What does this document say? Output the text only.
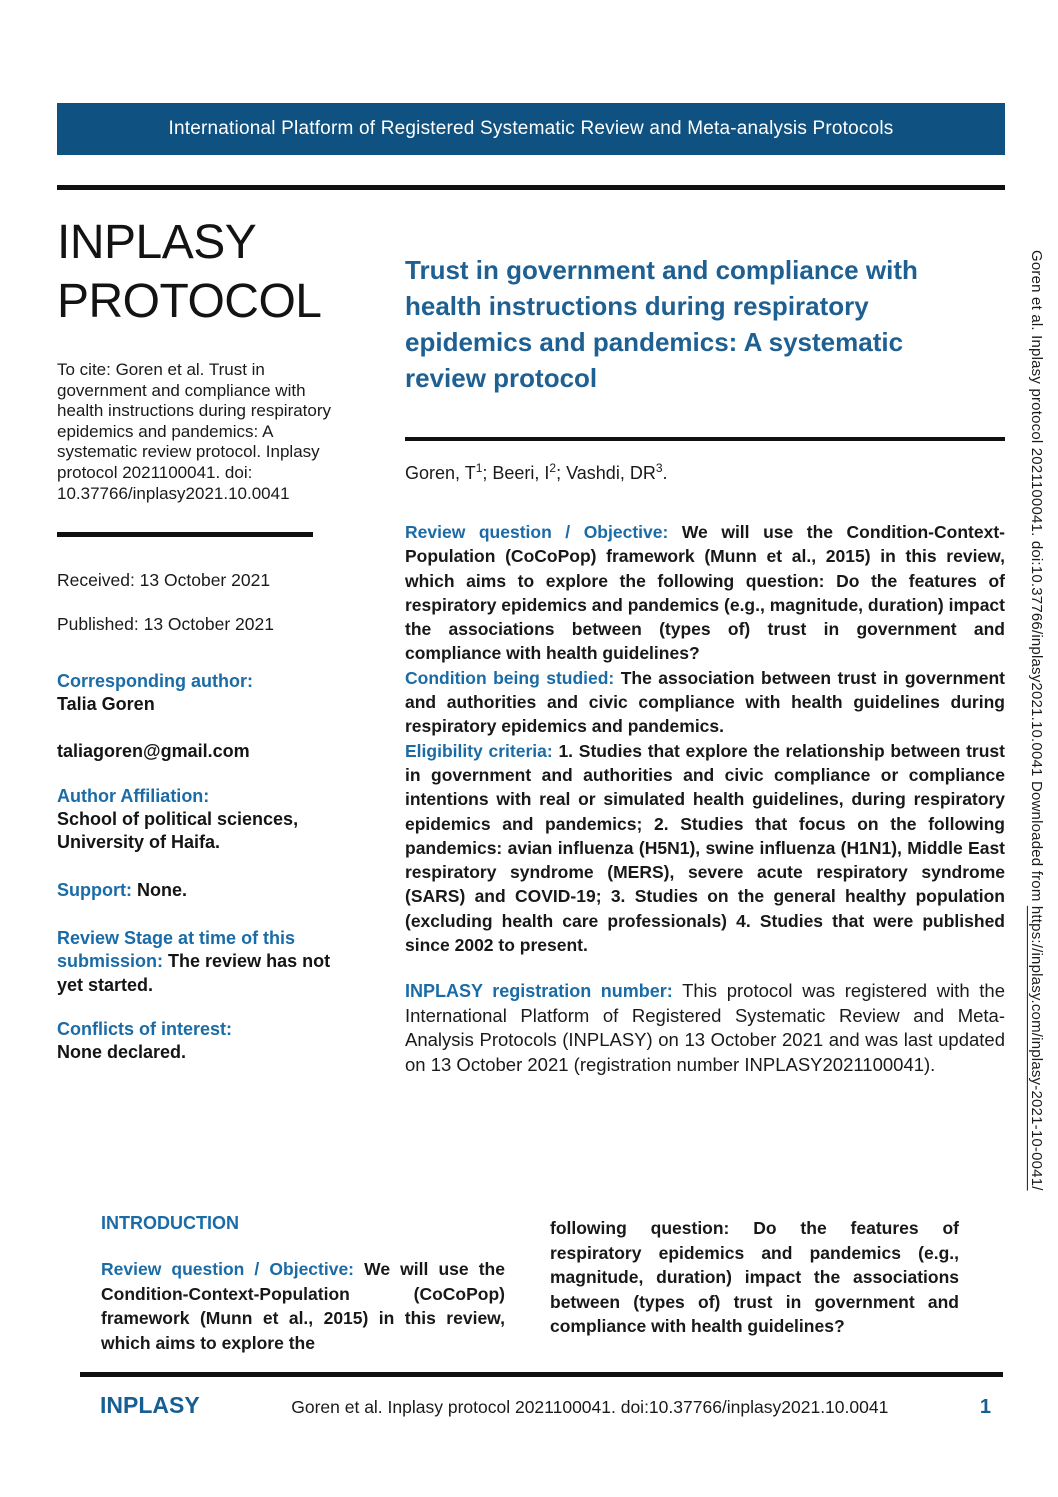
International Platform of Registered Systematic Review and Meta-analysis Protocols
INPLASY
PROTOCOL

To cite: Goren et al. Trust in government and compliance with health instructions during respiratory epidemics and pandemics: A systematic review protocol. Inplasy protocol 2021100041. doi: 10.37766/inplasy2021.10.0041

Received: 13 October 2021

Published: 13 October 2021

Corresponding author:
Talia Goren
taliagoren@gmail.com
Author Affiliation:
School of political sciences, University of Haifa.

Support: None.

Review Stage at time of this submission: The review has not yet started.

Conflicts of interest:
None declared.
Trust in government and compliance with health instructions during respiratory epidemics and pandemics: A systematic review protocol

Goren, $T^1$; Beeri, $I^2$; Vashdi, $DR^3$.

Review question / Objective: We will use the Condition-Context-Population (CoCoPop) framework (Munn et al., 2015) in this review, which aims to explore the following question: Do the features of respiratory epidemics and pandemics (e.g., magnitude, duration) impact the associations between (types of) trust in government and compliance with health guidelines?

Condition being studied: The association between trust in government and authorities and civic compliance with health guidelines during respiratory epidemics and pandemics.

Eligibility criteria: 1. Studies that explore the relationship between trust in government and authorities and civic compliance or compliance intentions with real or simulated health guidelines, during respiratory epidemics and pandemics; 2. Studies that focus on the following pandemics: avian influenza (H5N1), swine influenza (H1N1), Middle East respiratory syndrome (MERS), severe acute respiratory syndrome (SARS) and COVID-19; 3. Studies on the general healthy population (excluding health care professionals) 4. Studies that were published since 2002 to present.

INPLASY registration number: This protocol was registered with the International Platform of Registered Systematic Review and Meta-Analysis Protocols (INPLASY) on 13 October 2021 and was last updated on 13 October 2021 (registration number INPLASY2021100041).

INTRODUCTION

Review question / Objective: We will use the Condition-Context-Population (CoCoPop) framework (Munn et al., 2015) in this review, which aims to explore the

following question: Do the features of respiratory epidemics and pandemics (e.g., magnitude, duration) impact the associations between (types of) trust in government and compliance with health guidelines?

INPLASY	Goren et al. Inplasy protocol 2021100041. doi:10.37766/inplasy2021.10.0041	1
Goren et al. Inplasy protocol 2021100041. doi:10.37766/inplasy2021.10.0041 Downloaded from https://inplasy.com/inplasy-2021-10-0041/
